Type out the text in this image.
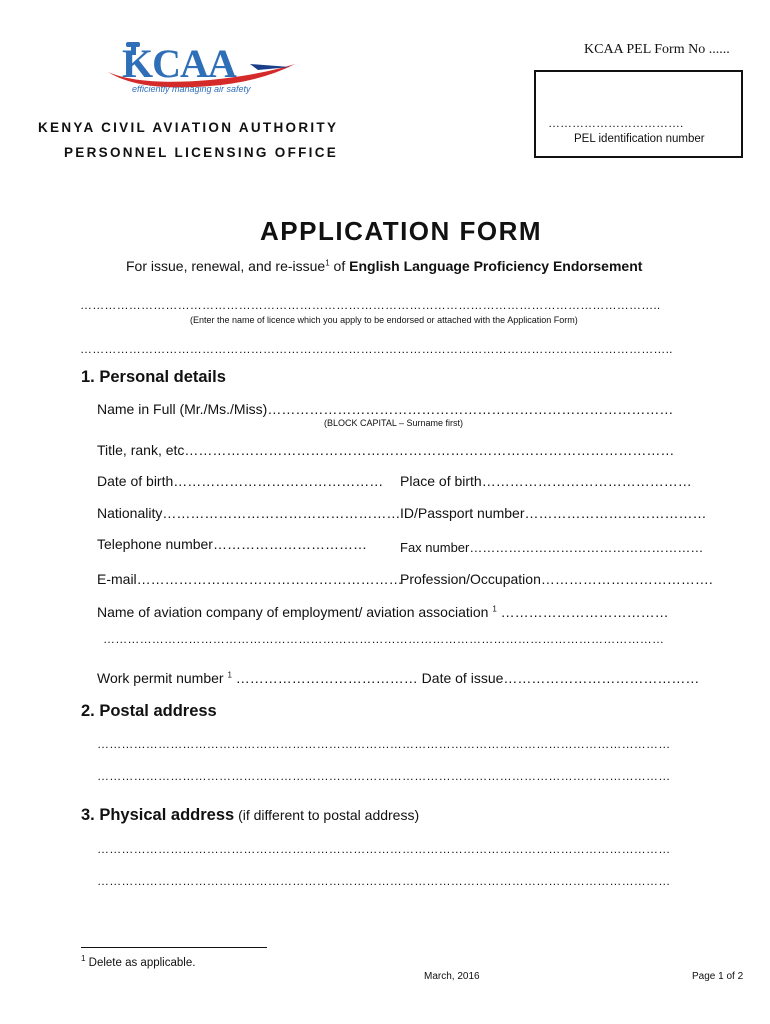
KCAA
efficiently managing air safety
KCAA PEL Form No ......
…………………………….
PEL identification number
KENYA CIVIL AVIATION AUTHORITY
PERSONNEL LICENSING OFFICE
APPLICATION FORM
For issue, renewal, and re-issue$^1$ of English Language Proficiency Endorsement
……………………………………………………………………………………………………………………………..
(Enter the name of licence which you apply to be endorsed or attached with the Application Form)
………………………………………………………………………………………………………………………………..
1. Personal details
Name in Full (Mr./Ms./Miss)……………………………………………………………………………
(BLOCK CAPITAL – Surname first)
Title, rank, etc……………………………………………………………………………………………
Date of birth……………………………………… Place of birth………………………………………
Nationality…………………………………………… ID/Passport number…………………………………
Telephone number……………………………	Fax number………………………………………………
E-mail…………………………………………………
Profession/Occupation……………………………….
Name of aviation company of employment/ aviation association $^1$ ………………………………
…………………………………………………………………………………………………………………………
Work permit number $^1$ ………………………………… Date of issue……………………………………
2. Postal address
……………………………………………………………………………………………………………………………
……………………………………………………………………………………………………………………………
3. Physical address (if different to postal address)
……………………………………………………………………………………………………………………………
……………………………………………………………………………………………………………………………
$^1$ Delete as applicable.
March, 2016	Page 1 of 2
